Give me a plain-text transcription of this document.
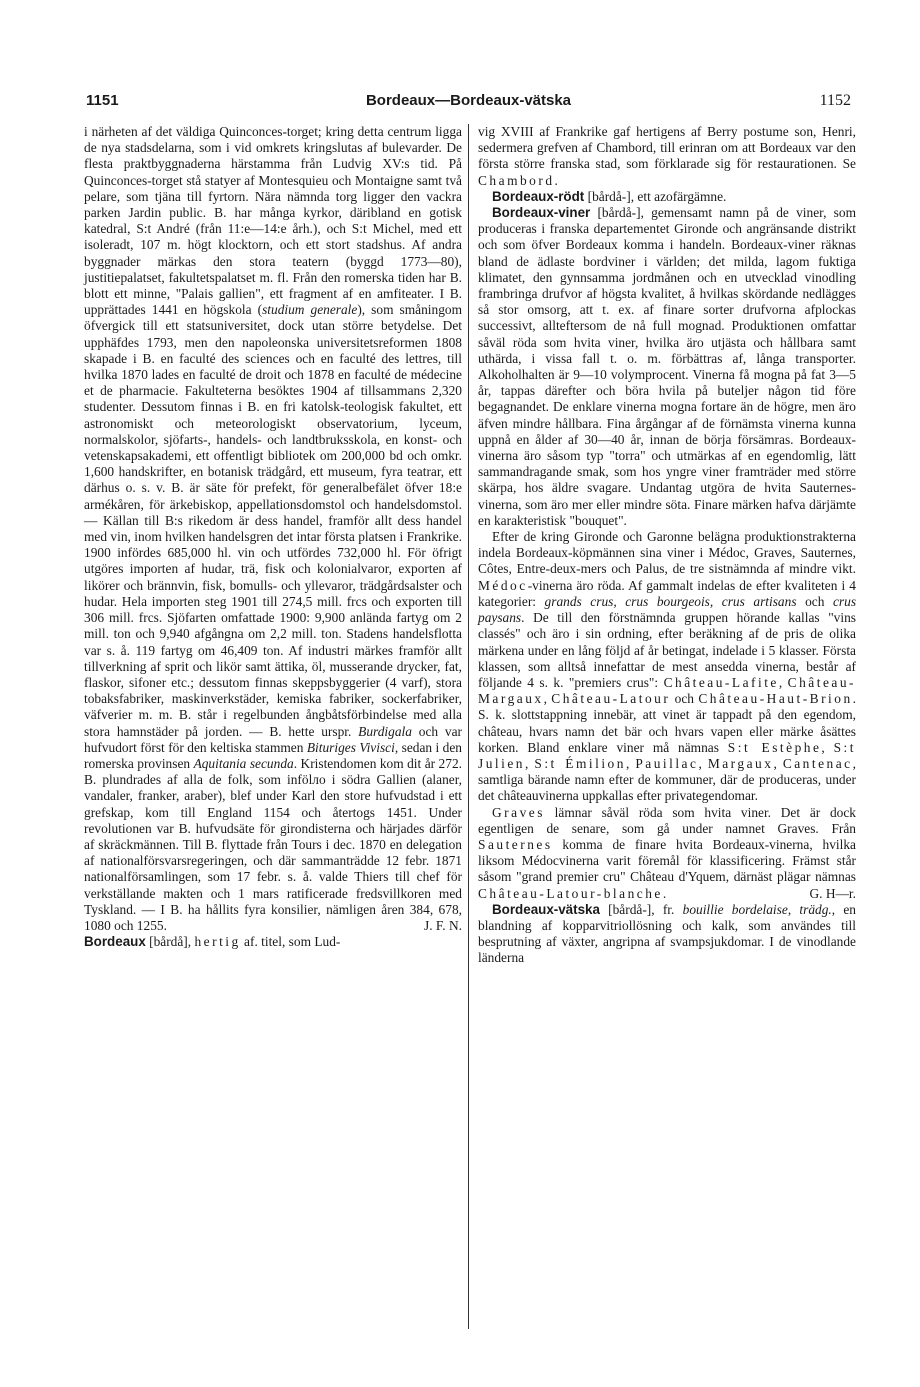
1151	Bordeaux—Bordeaux-vätska	1152

i närheten af det väldiga Quinconces-torget; kring detta centrum ligga de nya stadsdelarna, som i vid omkrets kringslutas af bulevarder. De flesta praktbyggnaderna härstamma från Ludvig XV:s tid. På Quinconces-torget stå statyer af Montesquieu och Montaigne samt två pelare, som tjäna till fyrtorn. Nära nämnda torg ligger den vackra parken Jardin public. B. har många kyrkor, däribland en gotisk katedral, S:t André (från 11:e—14:e årh.), och S:t Michel, med ett isoleradt, 107 m. högt klocktorn, och ett stort stadshus. Af andra byggnader märkas den stora teatern (byggd 1773—80), justitiepalatset, fakultetspalatset m. fl. Från den romerska tiden har B. blott ett minne, "Palais gallien", ett fragment af en amfiteater. I B. upprättades 1441 en högskola (studium generale), som småningom öfvergick till ett statsuniversitet, dock utan större betydelse. Det upphäfdes 1793, men den napoleonska universitetsreformen 1808 skapade i B. en faculté des sciences och en faculté des lettres, till hvilka 1870 lades en faculté de droit och 1878 en faculté de médecine et de pharmacie. Fakulteterna besöktes 1904 af tillsammans 2,320 studenter. Dessutom finnas i B. en fri katolsk-teologisk fakultet, ett astronomiskt och meteorologiskt observatorium, lyceum, normalskolor, sjöfarts-, handels- och landtbruksskola, en konst- och vetenskapsakademi, ett offentligt bibliotek om 200,000 bd och omkr. 1,600 handskrifter, en botanisk trädgård, ett museum, fyra teatrar, ett därhus o. s. v. B. är säte för prefekt, för generalbefälet öfver 18:e armékåren, för ärkebiskop, appellationsdomstol och handelsdomstol. — Källan till B:s rikedom är dess handel, framför allt dess handel med vin, inom hvilken handelsgren det intar första platsen i Frankrike. 1900 infördes 685,000 hl. vin och utfördes 732,000 hl. För öfrigt utgöres importen af hudar, trä, fisk och kolonialvaror, exporten af likörer och brännvin, fisk, bomulls- och yllevaror, trädgårdsalster och hudar. Hela importen steg 1901 till 274,5 mill. frcs och exporten till 306 mill. frcs. Sjöfarten omfattade 1900: 9,900 anlända fartyg om 2 mill. ton och 9,940 afgångna om 2,2 mill. ton. Stadens handelsflotta var s. å. 119 fartyg om 46,409 ton. Af industri märkes framför allt tillverkning af sprit och likör samt ättika, öl, musserande drycker, fat, flaskor, sifoner etc.; dessutom finnas skeppsbyggerier (4 varf), stora tobaksfabriker, maskinverkstäder, kemiska fabriker, sockerfabriker, väfverier m. m. B. står i regelbunden ångbåtsförbindelse med alla stora hamnstäder på jorden. — B. hette urspr. Burdigala och var hufvudort först för den keltiska stammen Bituriges Vivisci, sedan i den romerska provinsen Aquitania secunda. Kristendomen kom dit år 272. B. plundrades af alla de folk, som infölло i södra Gallien (alaner, vandaler, franker, araber), blef under Karl den store hufvudstad i ett grefskap, kom till England 1154 och återtogs 1451. Under revolutionen var B. hufvudsäte för girondisterna och härjades därför af skräckmännen. Till B. flyttade från Tours i dec. 1870 en delegation af nationalförsvarsregeringen, och där sammanträdde 12 febr. 1871 nationalförsamlingen, som 17 febr. s. å. valde Thiers till chef för verkställande makten och 1 mars ratificerade fredsvillkoren med Tyskland. — I B. ha hållits fyra konsilier, nämligen åren 384, 678, 1080 och 1255.	J. F. N.

Bordeaux [bårdå], hertig af. titel, som Lud-

vig XVIII af Frankrike gaf hertigens af Berry postume son, Henri, sedermera grefven af Chambord, till erinran om att Bordeaux var den första större franska stad, som förklarade sig för restaurationen. Se Chambord.

Bordeaux-rödt [bårdå-], ett azofärgämne.

Bordeaux-viner [bårdå-], gemensamt namn på de viner, som produceras i franska departementet Gironde och angränsande distrikt och som öfver Bordeaux komma i handeln. Bordeaux-viner räknas bland de ädlaste bordviner i världen; det milda, lagom fuktiga klimatet, den gynnsamma jordmånen och en utvecklad vinodling frambringa drufvor af högsta kvalitet, å hvilkas skördande nedlägges så stor omsorg, att t. ex. af finare sorter drufvorna afplockas successivt, allteftersom de nå full mognad. Produktionen omfattar såväl röda som hvita viner, hvilka äro utjästa och hållbara samt uthärda, i vissa fall t. o. m. förbättras af, långa transporter. Alkoholhalten är 9—10 volymprocent. Vinerna få mogna på fat 3—5 år, tappas därefter och böra hvila på buteljer någon tid före begagnandet. De enklare vinerna mogna fortare än de högre, men äro äfven mindre hållbara. Fina årgångar af de förnämsta vinerna kunna uppnå en ålder af 30—40 år, innan de börja försämras. Bordeaux-vinerna äro såsom typ "torra" och utmärkas af en egendomlig, lätt sammandragande smak, som hos yngre viner framträder med större skärpa, hos äldre svagare. Undantag utgöra de hvita Sauternes-vinerna, som äro mer eller mindre söta. Finare märken hafva därjämte en karakteristisk "bouquet".

Efter de kring Gironde och Garonne belägna produktionstrakterna indela Bordeaux-köpmännen sina viner i Médoc, Graves, Sauternes, Côtes, Entre-deux-mers och Palus, de tre sistnämnda af mindre vikt. Médoc-vinerna äro röda. Af gammalt indelas de efter kvaliteten i 4 kategorier: grands crus, crus bourgeois, crus artisans och crus paysans. De till den förstnämnda gruppen hörande kallas "vins classés" och äro i sin ordning, efter beräkning af de pris de olika märkena under en lång följd af år betingat, indelade i 5 klasser. Första klassen, som alltså innefattar de mest ansedda vinerna, består af följande 4 s. k. "premiers crus": Château-Lafite, Château-Margaux, Château-Latour och Château-Haut-Brion. S. k. slottstappning innebär, att vinet är tappadt på den egendom, château, hvars namn det bär och hvars vapen eller märke åsättes korken. Bland enklare viner må nämnas S:t Estèphe, S:t Julien, S:t Émilion, Pauillac, Margaux, Cantenac, samtliga bärande namn efter de kommuner, där de produceras, under det châteauvinerna uppkallas efter privategendomar.

Graves lämnar såväl röda som hvita viner. Det är dock egentligen de senare, som gå under namnet Graves. Från Sauternes komma de finare hvita Bordeaux-vinerna, hvilka liksom Médocvinerna varit föremål för klassificering. Främst står såsom "grand premier cru" Château d'Yquem, därnäst plägar nämnas Château-Latour-blanche.	G. H—r.

Bordeaux-vätska [bårdå-], fr. bouillie bordelaise, trädg., en blandning af kopparvitriollösning och kalk, som användes till besprutning af växter, angripna af svampsjukdomar. I de vinodlande länderna
